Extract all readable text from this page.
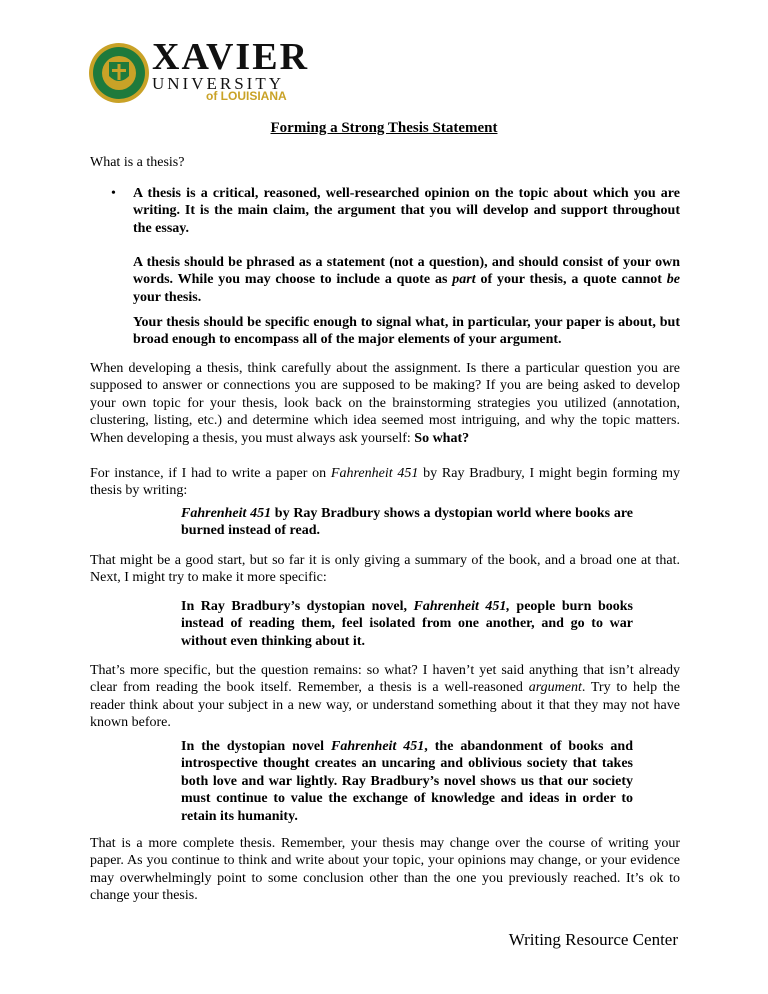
XAVIER
UNIVERSITY
of LOUISIANA
Forming a Strong Thesis Statement
What is a thesis?
• A thesis is a critical, reasoned, well-researched opinion on the topic about which you are writing. It is the main claim, the argument that you will develop and support throughout the essay.
A thesis should be phrased as a statement (not a question), and should consist of your own words. While you may choose to include a quote as part of your thesis, a quote cannot be your thesis.
Your thesis should be specific enough to signal what, in particular, your paper is about, but broad enough to encompass all of the major elements of your argument.
When developing a thesis, think carefully about the assignment. Is there a particular question you are supposed to answer or connections you are supposed to be making? If you are being asked to develop your own topic for your thesis, look back on the brainstorming strategies you utilized (annotation, clustering, listing, etc.) and determine which idea seemed most intriguing, and why the topic matters. When developing a thesis, you must always ask yourself: So what?
For instance, if I had to write a paper on Fahrenheit 451 by Ray Bradbury, I might begin forming my thesis by writing:
Fahrenheit 451 by Ray Bradbury shows a dystopian world where books are burned instead of read.
That might be a good start, but so far it is only giving a summary of the book, and a broad one at that. Next, I might try to make it more specific:
In Ray Bradbury’s dystopian novel, Fahrenheit 451, people burn books instead of reading them, feel isolated from one another, and go to war without even thinking about it.
That’s more specific, but the question remains: so what? I haven’t yet said anything that isn’t already clear from reading the book itself. Remember, a thesis is a well-reasoned argument. Try to help the reader think about your subject in a new way, or understand something about it that they may not have known before.
In the dystopian novel Fahrenheit 451, the abandonment of books and introspective thought creates an uncaring and oblivious society that takes both love and war lightly. Ray Bradbury’s novel shows us that our society must continue to value the exchange of knowledge and ideas in order to retain its humanity.
That is a more complete thesis. Remember, your thesis may change over the course of writing your paper. As you continue to think and write about your topic, your opinions may change, or your evidence may overwhelmingly point to some conclusion other than the one you previously reached. It’s ok to change your thesis.
Writing Resource Center
